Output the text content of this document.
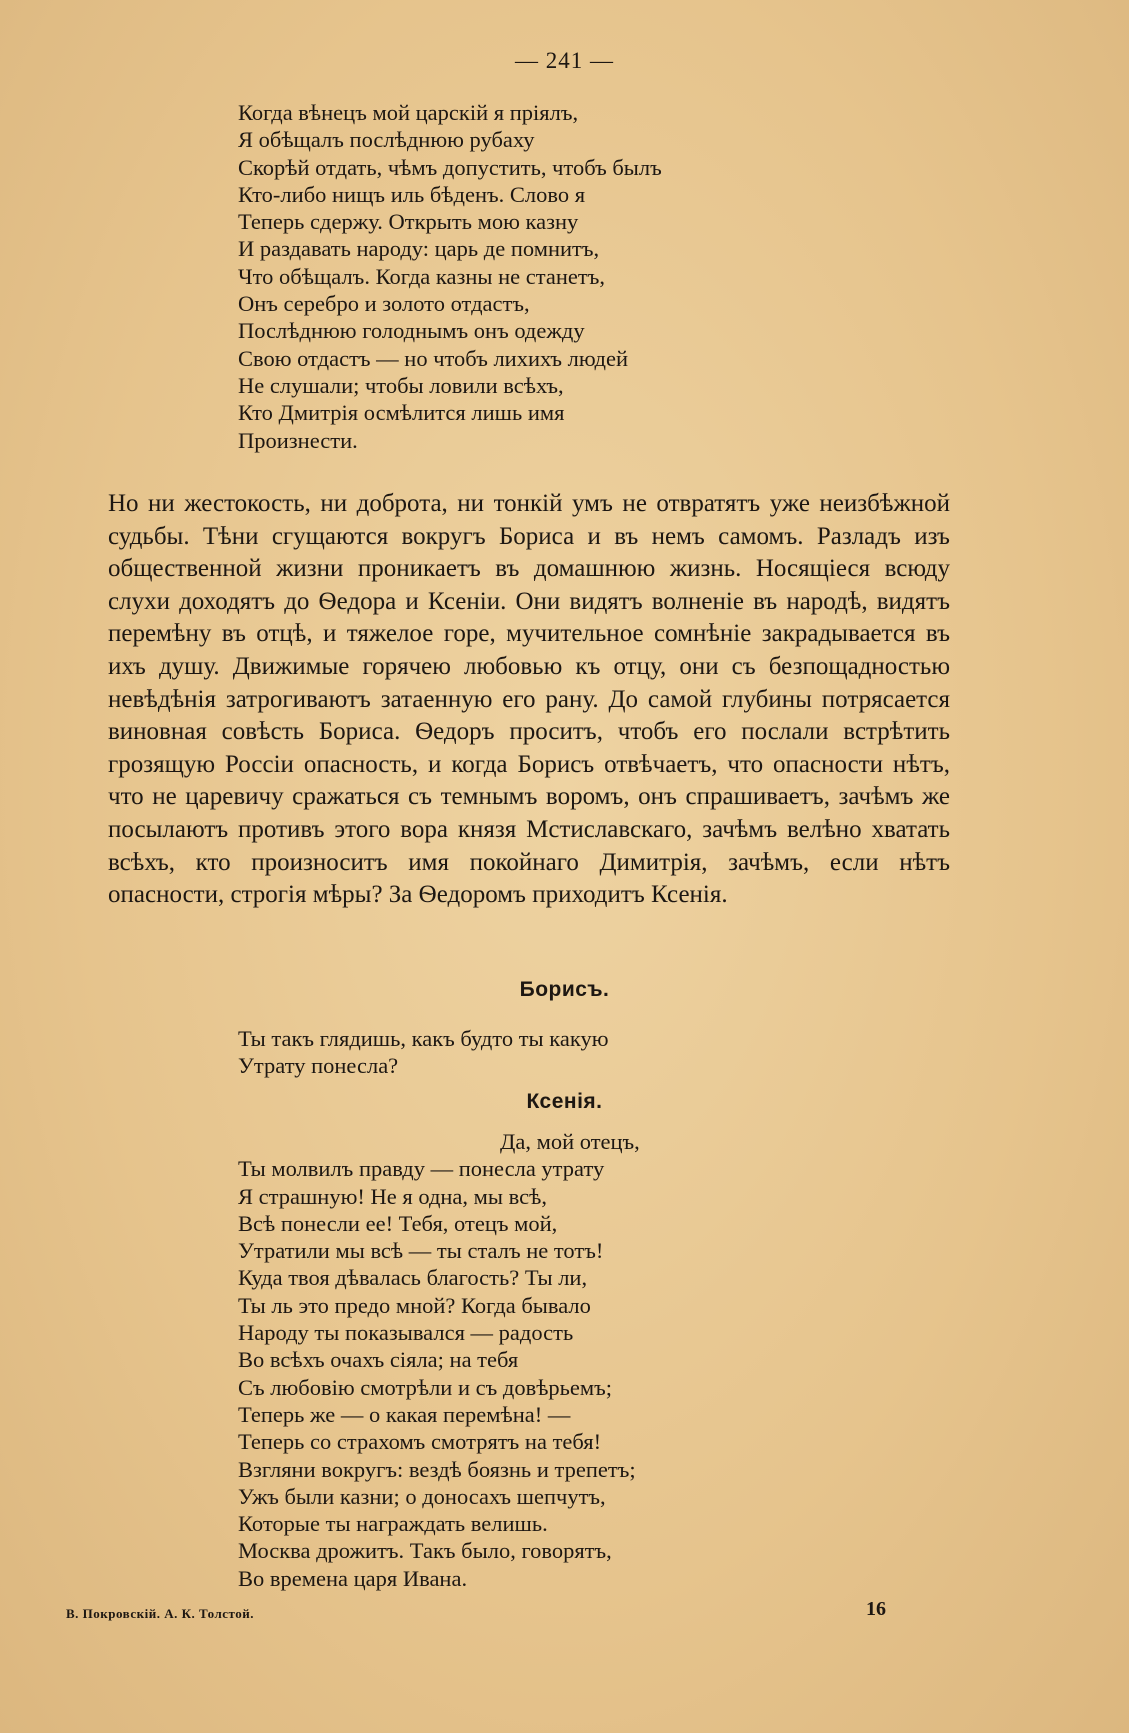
— 241 —
Когда вѣнецъ мой царскій я пріялъ,
Я обѣщалъ послѣднюю рубаху
Скорѣй отдать, чѣмъ допустить, чтобъ былъ
Кто-либо нищъ иль бѣденъ. Слово я
Теперь сдержу. Открыть мою казну
И раздавать народу: царь де помнитъ,
Что обѣщалъ. Когда казны не станетъ,
Онъ серебро и золото отдастъ,
Послѣднюю голоднымъ онъ одежду
Свою отдастъ — но чтобъ лихихъ людей
Не слушали; чтобы ловили всѣхъ,
Кто Дмитрія осмѣлится лишь имя
Произнести.

Но ни жестокость, ни доброта, ни тонкій умъ не отвратятъ уже неизбѣжной судьбы. Тѣни сгущаются вокругъ Бориса и въ немъ самомъ. Разладъ изъ общественной жизни проникаетъ въ домашнюю жизнь. Носящіеся всюду слухи доходятъ до Ѳедора и Ксеніи. Они видятъ волненіе въ народѣ, видятъ перемѣну въ отцѣ, и тяжелое горе, мучительное сомнѣніе закрадывается въ ихъ душу. Движимые горячею любовью къ отцу, они съ безпощадностью невѣдѣнія затрогиваютъ затаенную его рану. До самой глубины потрясается виновная совѣсть Бориса. Ѳедоръ проситъ, чтобъ его послали встрѣтить грозящую Россіи опасность, и когда Борисъ отвѣчаетъ, что опасности нѣтъ, что не царевичу сражаться съ темнымъ воромъ, онъ спрашиваетъ, зачѣмъ же посылаютъ противъ этого вора князя Мстиславскаго, зачѣмъ велѣно хватать всѣхъ, кто произноситъ имя покойнаго Димитрія, зачѣмъ, если нѣтъ опасности, строгія мѣры? За Ѳедоромъ приходитъ Ксенія.

Борисъ.
Ты такъ глядишь, какъ будто ты какую
Утрату понесла?
Ксенія.
Да, мой отецъ,
Ты молвилъ правду — понесла утрату
Я страшную! Не я одна, мы всѣ,
Всѣ понесли ее! Тебя, отецъ мой,
Утратили мы всѣ — ты сталъ не тотъ!
Куда твоя дѣвалась благость? Ты ли,
Ты ль это предо мной? Когда бывало
Народу ты показывался — радость
Во всѣхъ очахъ сіяла; на тебя
Съ любовію смотрѣли и съ довѣрьемъ;
Теперь же — о какая перемѣна! —
Теперь со страхомъ смотрятъ на тебя!
Взгляни вокругъ: вездѣ боязнь и трепетъ;
Ужъ были казни; о доносахъ шепчутъ,
Которые ты награждать велишь.
Москва дрожитъ. Такъ было, говорятъ,
Во времена царя Ивана.
В. Покровскій. А. К. Толстой.	16
